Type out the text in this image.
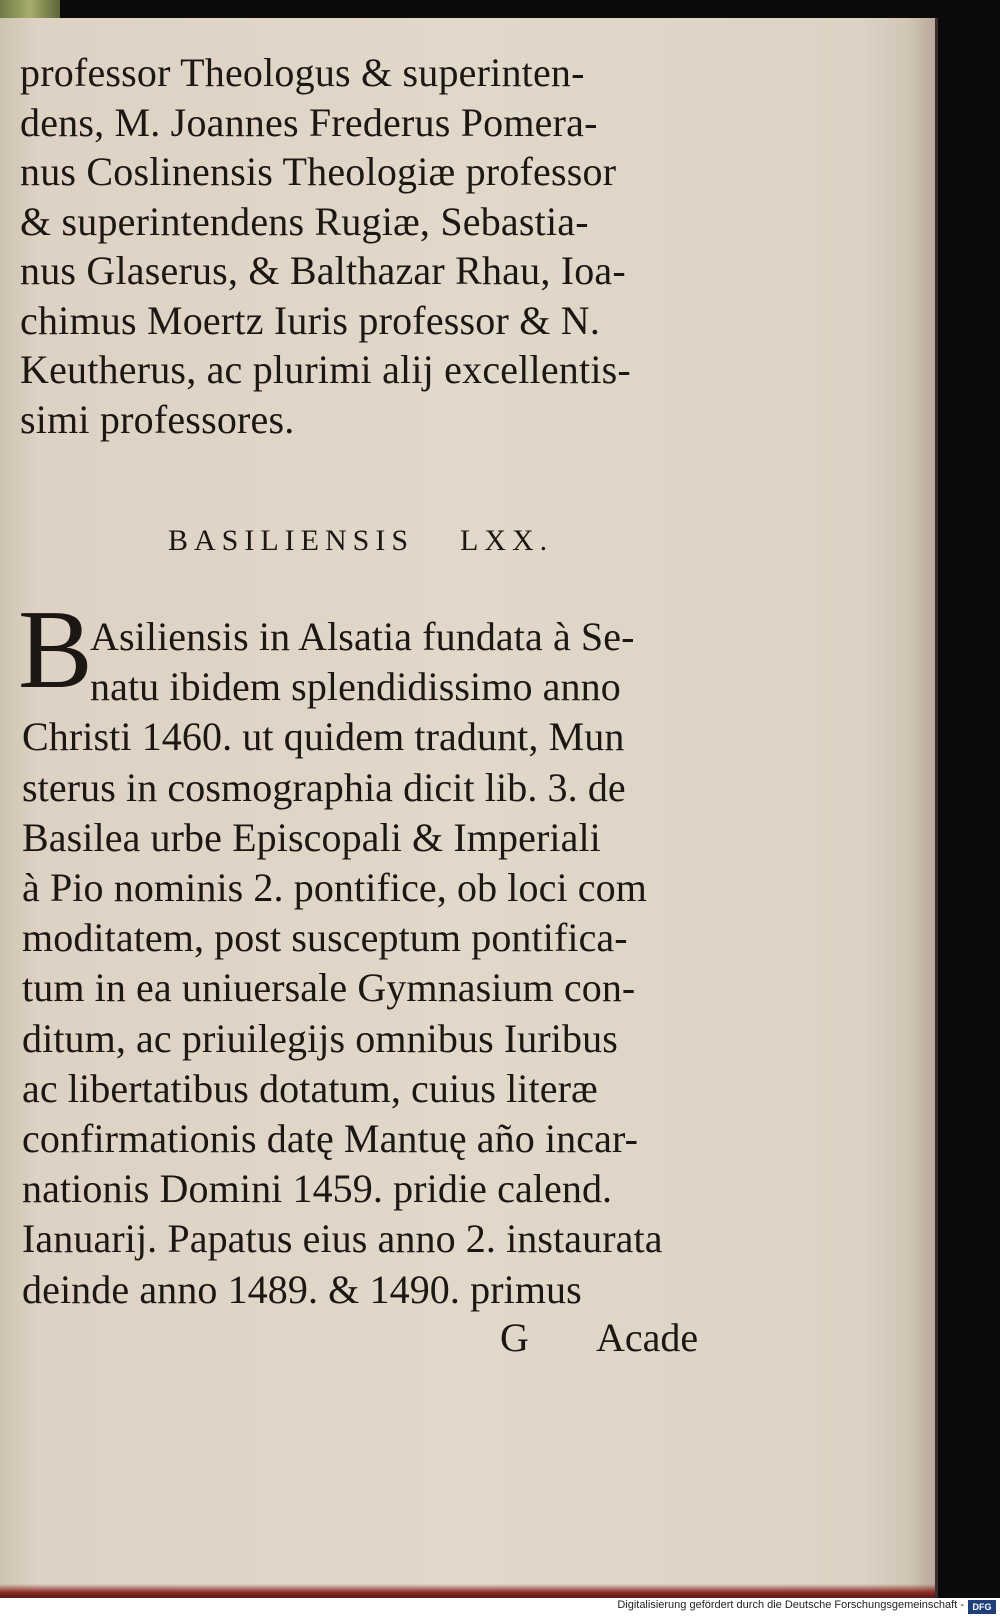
professor Theologus & superinten-
dens, M. Joannes Frederus Pomera-
nus Coslinensis Theologiæ professor
& superintendens Rugiæ, Sebastia-
nus Glaserus, & Balthazar Rhau, Ioa-
chimus Moertz Iuris professor & N.
Keutherus, ac plurimi alij excellentis-
simi professores.
BASILIENSIS LXX.
B
Asiliensis in Alsatia fundata à Se-
natu ibidem splendidissimo anno
Christi 1460. ut quidem tradunt, Mun
sterus in cosmographia dicit lib. 3. de
Basilea urbe Episcopali & Imperiali
à Pio nominis 2. pontifice, ob loci com
moditatem, post susceptum pontifica-
tum in ea uniuersale Gymnasium con-
ditum, ac priuilegijs omnibus Iuribus
ac libertatibus dotatum, cuius literæ
confirmationis datę Mantuę año incar-
nationis Domini 1459. pridie calend.
Ianuarij. Papatus eius anno 2. instaurata
deinde anno 1489. & 1490. primus
G Acade
Digitalisierung gefördert durch die Deutsche Forschungsgemeinschaft - DFG
